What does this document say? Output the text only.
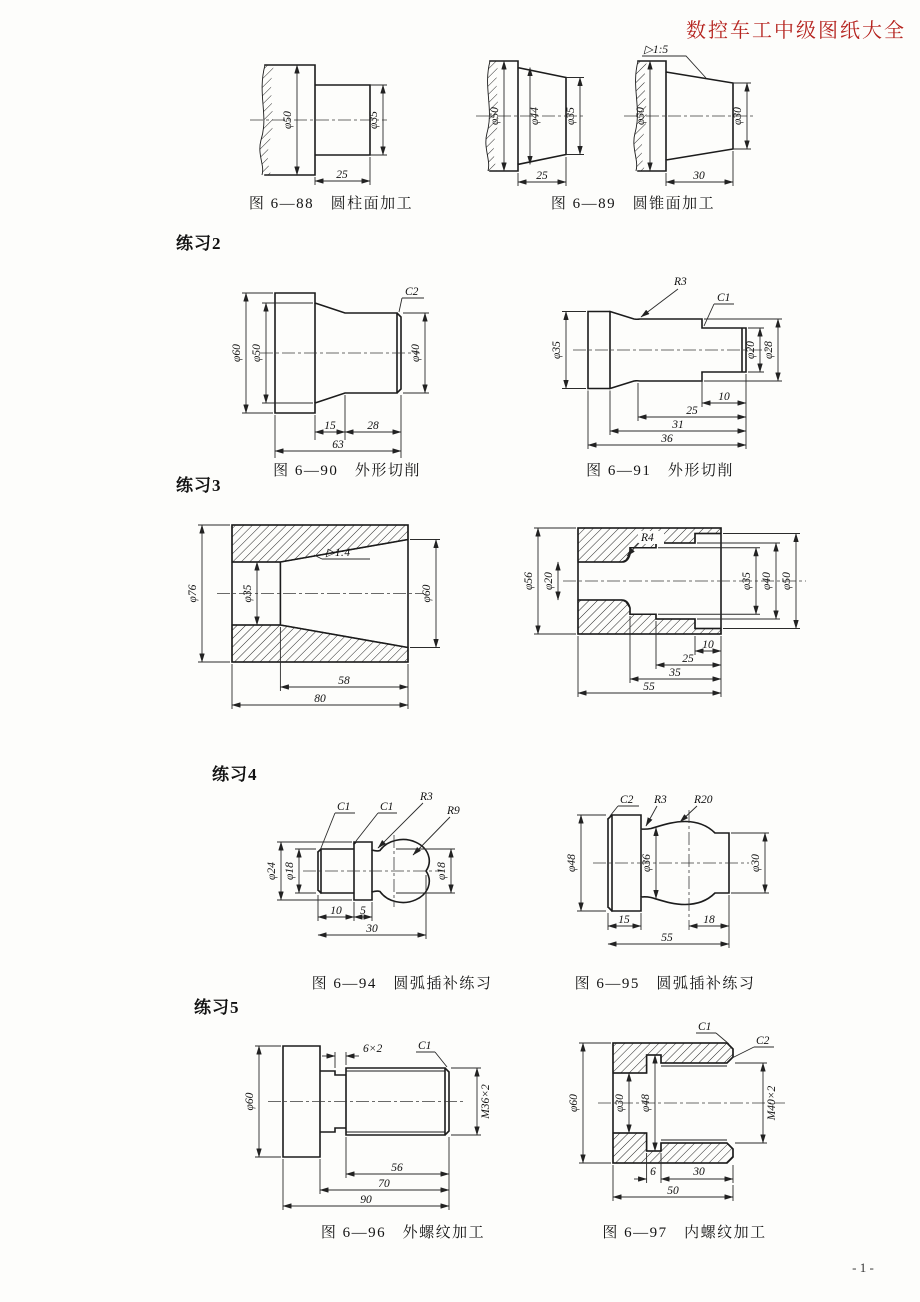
数控车工中级图纸大全
φ50	φ35
25
图 6—88　圆柱面加工
φ50 φ44 φ35
25
▷1:5
φ50	φ30
30
图 6—89　圆锥面加工
练习2
φ60 φ50	φ40
C2
15	28
63
图 6—90　外形切削
R3
C1
φ35	φ20 φ28
10
25
31
36
图 6—91　外形切削
练习3
▷1:4
φ76	φ35	φ60
58
80
R4
φ56 φ20	φ35 φ40 φ50
10
25
35
55
练习4
C1	C1
R3
R9
φ24 φ18	φ18
10 5
30
图 6—94　圆弧插补练习
C2 R3 R20
φ48	φ36	φ30
15	18
55
图 6—95　圆弧插补练习
练习5
6×2	C1
M36×2
φ60
56
70
90
图 6—96　外螺纹加工
C1
C2
φ60	φ30 φ48	M40×2
6	30
50
图 6—97　内螺纹加工
- 1 -
